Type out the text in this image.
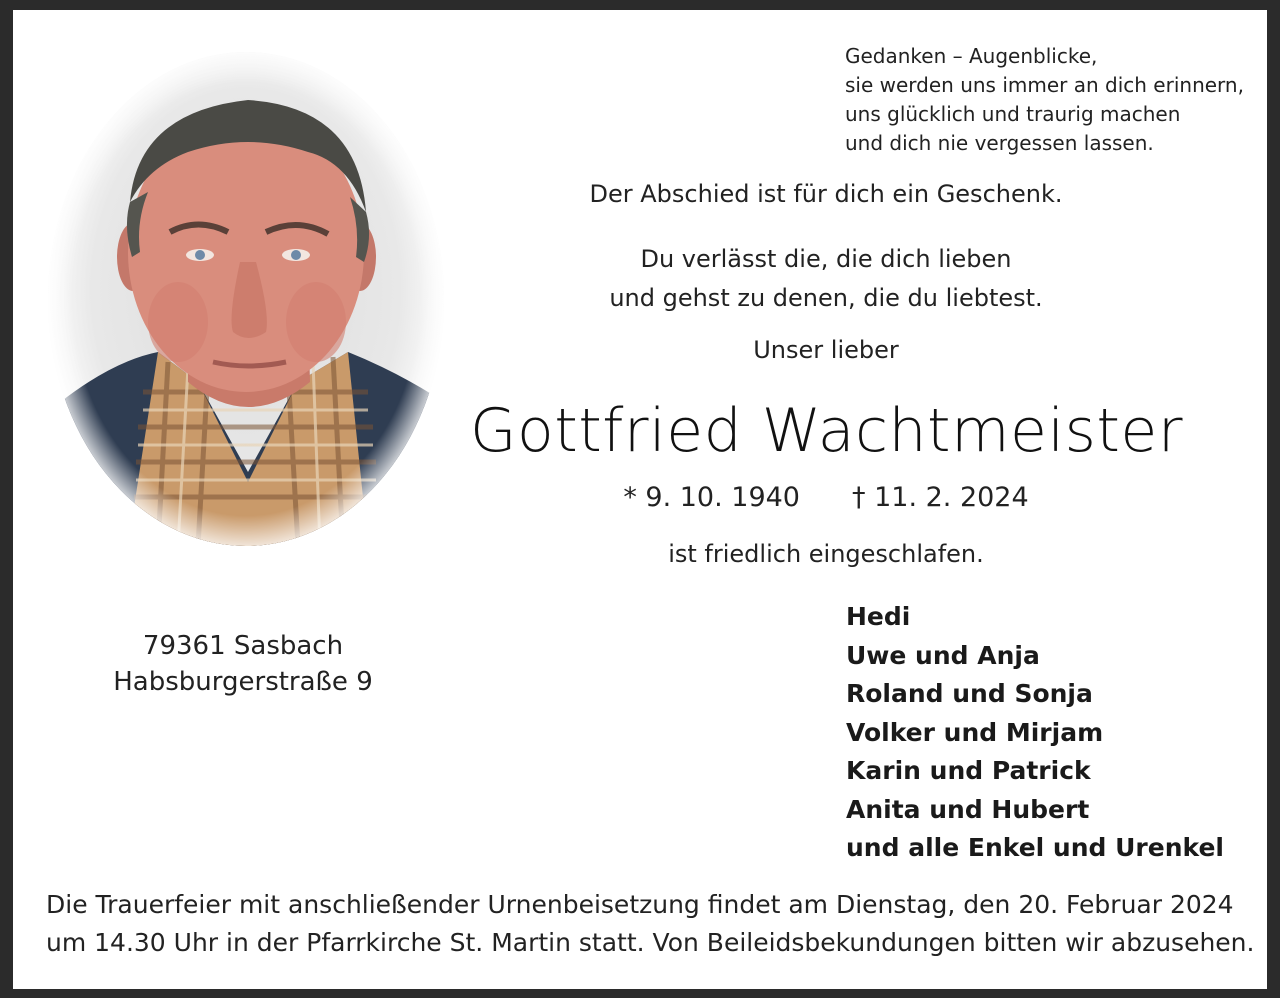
Gedanken – Augenblicke,
sie werden uns immer an dich erinnern,
uns glücklich und traurig machen
und dich nie vergessen lassen.
Der Abschied ist für dich ein Geschenk.
Du verlässt die, die dich lieben
und gehst zu denen, die du liebtest.
Unser lieber
Gottfried Wachtmeister
* 9. 10. 1940 † 11. 2. 2024
ist friedlich eingeschlafen.
79361 Sasbach
Habsburgerstraße 9
Hedi
Uwe und Anja
Roland und Sonja
Volker und Mirjam
Karin und Patrick
Anita und Hubert
und alle Enkel und Urenkel
Die Trauerfeier mit anschließender Urnenbeisetzung findet am Dienstag, den 20. Februar 2024
um 14.30 Uhr in der Pfarrkirche St. Martin statt. Von Beileidsbekundungen bitten wir abzusehen.
